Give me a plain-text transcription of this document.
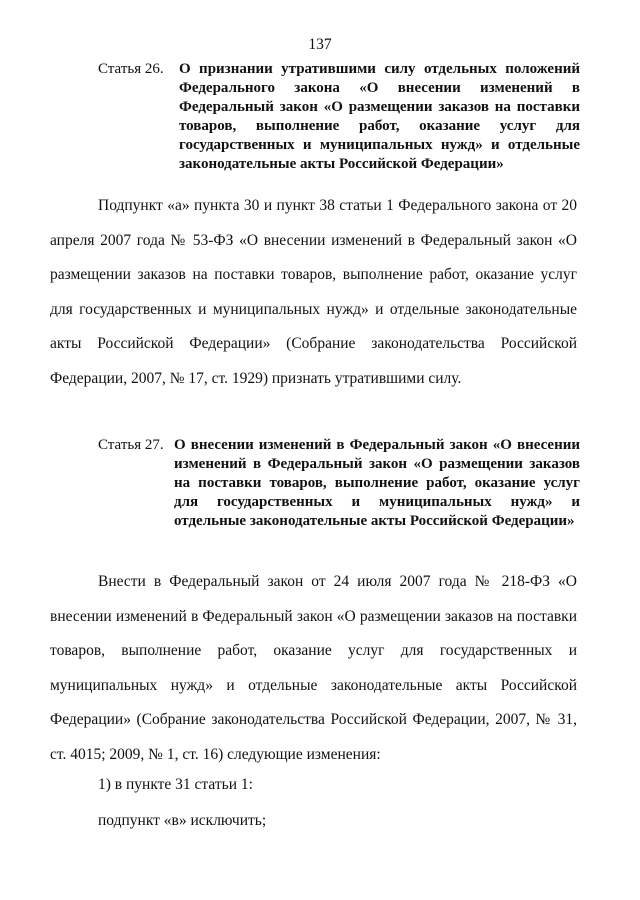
137
Статья 26. О признании утратившими силу отдельных положений Федерального закона «О внесении изменений в Федеральный закон «О размещении заказов на поставки товаров, выполнение работ, оказание услуг для государственных и муниципальных нужд» и отдельные законодательные акты Российской Федерации»
Подпункт «а» пункта 30 и пункт 38 статьи 1 Федерального закона от 20 апреля 2007 года № 53-ФЗ «О внесении изменений в Федеральный закон «О размещении заказов на поставки товаров, выполнение работ, оказание услуг для государственных и муниципальных нужд» и отдельные законодательные акты Российской Федерации» (Собрание законодательства Российской Федерации, 2007, № 17, ст. 1929) признать утратившими силу.
Статья 27. О внесении изменений в Федеральный закон «О внесении изменений в Федеральный закон «О размещении заказов на поставки товаров, выполнение работ, оказание услуг для государственных и муниципальных нужд» и отдельные законодательные акты Российской Федерации»
Внести в Федеральный закон от 24 июля 2007 года № 218-ФЗ «О внесении изменений в Федеральный закон «О размещении заказов на поставки товаров, выполнение работ, оказание услуг для государственных и муниципальных нужд» и отдельные законодательные акты Российской Федерации» (Собрание законодательства Российской Федерации, 2007, № 31, ст. 4015; 2009, № 1, ст. 16) следующие изменения:
1) в пункте 31 статьи 1:
подпункт «в» исключить;
